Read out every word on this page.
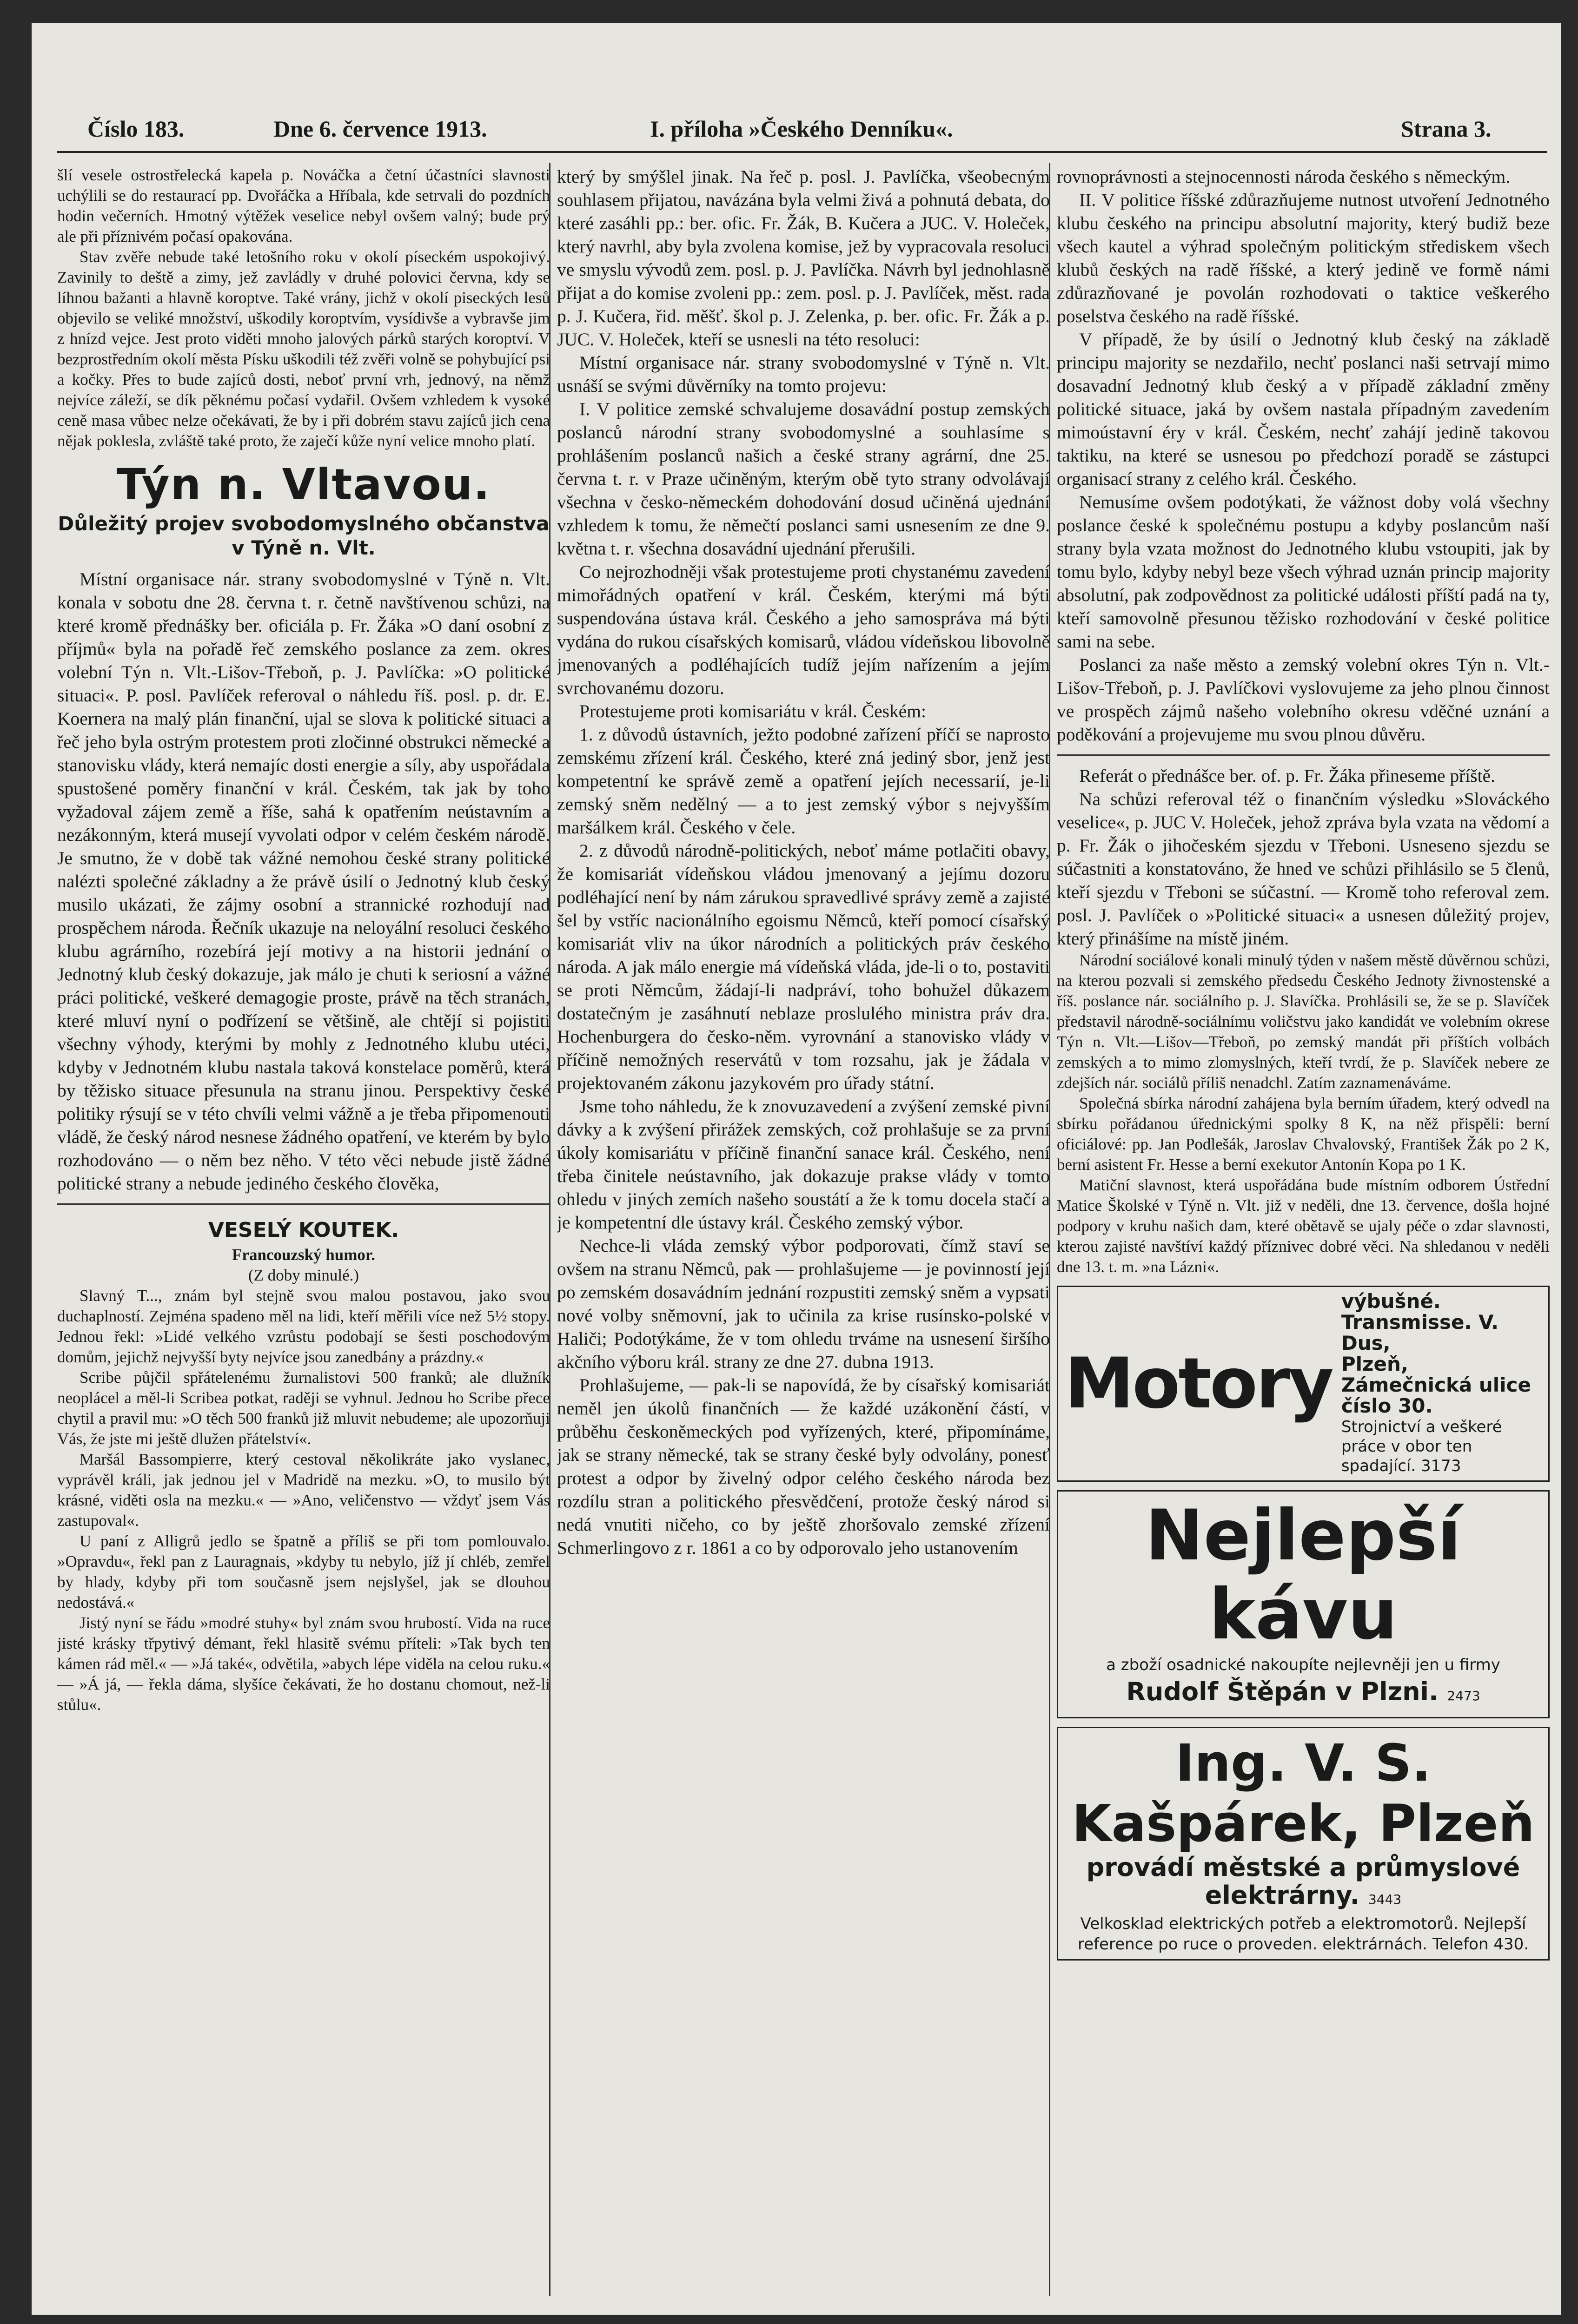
Číslo 183.	Dne 6. července 1913.	I. příloha »Českého Denníku«.	Strana 3.

šlí vesele ostrostřelecká kapela p. Nováčka a četní účastníci slavnosti uchýlili se do restaurací pp. Dvořáčka a Hříbala, kde setrvali do pozdních hodin večerních. Hmotný výtěžek veselice nebyl ovšem valný; bude prý ale při příznivém počasí opakována.

Stav zvěře nebude také letošního roku v okolí píseckém uspokojivý. Zavinily to deště a zimy, jež zavládly v druhé polovici června, kdy se líhnou bažanti a hlavně koroptve. Také vrány, jichž v okolí piseckých lesů objevilo se veliké množství, uškodily koroptvím, vysídivše a vybravše jim z hnízd vejce. Jest proto viděti mnoho jalových párků starých koroptví. V bezprostředním okolí města Písku uškodili též zvěři volně se pohybující psi a kočky. Přes to bude zajíců dosti, neboť první vrh, jednový, na němž nejvíce záleží, se dík pěknému počasí vydařil. Ovšem vzhledem k vysoké ceně masa vůbec nelze očekávati, že by i při dobrém stavu zajíců jich cena nějak poklesla, zvláště také proto, že zaječí kůže nyní velice mnoho platí.

Týn n. Vltavou.
Důležitý projev svobodomyslného občanstva v Týně n. Vlt.

Místní organisace nár. strany svobodomyslné v Týně n. Vlt. konala v sobotu dne 28. června t. r. četně navštívenou schůzi, na které kromě přednášky ber. oficiála p. Fr. Žáka »O daní osobní z příjmů« byla na pořadě řeč zemského poslance za zem. okres volební Týn n. Vlt.-Lišov-Třeboň, p. J. Pavlíčka: »O politické situaci«. P. posl. Pavlíček referoval o náhledu říš. posl. p. dr. E. Koernera na malý plán finanční, ujal se slova k politické situaci a řeč jeho byla ostrým protestem proti zločinné obstrukci německé a stanovisku vlády, která nemajíc dosti energie a síly, aby uspořádala spustošené poměry finanční v král. Českém, tak jak by toho vyžadoval zájem země a říše, sahá k opatřením neústavním a nezákonným, která musejí vyvolati odpor v celém českém národě. Je smutno, že v době tak vážné nemohou české strany politické nalézti společné základny a že právě úsilí o Jednotný klub český musilo ukázati, že zájmy osobní a strannické rozhodují nad prospěchem národa. Řečník ukazuje na neloyální resoluci českého klubu agrárního, rozebírá její motivy a na historii jednání o Jednotný klub český dokazuje, jak málo je chuti k seriosní a vážné práci politické, veškeré demagogie proste, právě na těch stranách, které mluví nyní o podřízení se většině, ale chtějí si pojistiti všechny výhody, kterými by mohly z Jednotného klubu utéci, kdyby v Jednotném klubu nastala taková konstelace poměrů, která by těžisko situace přesunula na stranu jinou. Perspektivy české politiky rýsují se v této chvíli velmi vážně a je třeba připomenouti vládě, že český národ nesnese žádného opatření, ve kterém by bylo rozhodováno — o něm bez něho. V této věci nebude jistě žádné politické strany a nebude jediného českého člověka,

VESELÝ KOUTEK.
Francouzský humor.
(Z doby minulé.)

Slavný T..., znám byl stejně svou malou postavou, jako svou duchaplností. Zejména spadeno měl na lidi, kteří měřili více než 5½ stopy. Jednou řekl: »Lidé velkého vzrůstu podobají se šesti poschodovým domům, jejichž nejvyšší byty nejvíce jsou zanedbány a prázdny.«

Scribe půjčil spřátelenému žurnalistovi 500 franků; ale dlužník neoplácel a měl-li Scribea potkat, raději se vyhnul. Jednou ho Scribe přece chytil a pravil mu: »O těch 500 franků již mluvit nebudeme; ale upozorňuji Vás, že jste mi ještě dlužen přátelství«.

Maršál Bassompierre, který cestoval několikráte jako vyslanec, vyprávěl králi, jak jednou jel v Madridě na mezku. »O, to musilo být krásné, viděti osla na mezku.« — »Ano, veličenstvo — vždyť jsem Vás zastupoval«.

U paní z Alligrů jedlo se špatně a příliš se při tom pomlouvalo. »Opravdu«, řekl pan z Lauragnais, »kdyby tu nebylo, jíž jí chléb, zemřel by hlady, kdyby při tom současně jsem nejslyšel, jak se dlouhou nedostává.«

Jistý nyní se řádu »modré stuhy« byl znám svou hrubostí. Vida na ruce jisté krásky třpytivý démant, řekl hlasitě svému příteli: »Tak bych ten kámen rád měl.« — »Já také«, odvětila, »abych lépe viděla na celou ruku.« — »Á já, — řekla dáma, slyšíce čekávati, že ho dostanu chomout, než-li stůlu«.

který by smýšlel jinak. Na řeč p. posl. J. Pavlíčka, všeobecným souhlasem přijatou, navázána byla velmi živá a pohnutá debata, do které zasáhli pp.: ber. ofic. Fr. Žák, B. Kučera a JUC. V. Holeček, který navrhl, aby byla zvolena komise, jež by vypracovala resoluci ve smyslu vývodů zem. posl. p. J. Pavlíčka. Návrh byl jednohlasně přijat a do komise zvoleni pp.: zem. posl. p. J. Pavlíček, měst. rada p. J. Kučera, řid. měšť. škol p. J. Zelenka, p. ber. ofic. Fr. Žák a p. JUC. V. Holeček, kteří se usnesli na této resoluci:

Místní organisace nár. strany svobodomyslné v Týně n. Vlt. usnáší se svými důvěrníky na tomto projevu:

I. V politice zemské schvalujeme dosavádní postup zemských poslanců národní strany svobodomyslné a souhlasíme s prohlášením poslanců našich a české strany agrární, dne 25. června t. r. v Praze učiněným, kterým obě tyto strany odvolávají všechna v česko-německém dohodování dosud učiněná ujednání vzhledem k tomu, že němečtí poslanci sami usnesením ze dne 9. května t. r. všechna dosavádní ujednání přerušili.

Co nejrozhodněji však protestujeme proti chystanému zavedení mimořádných opatření v král. Českém, kterými má býti suspendována ústava král. Českého a jeho samospráva má býti vydána do rukou císařských komisarů, vládou vídeňskou libovolně jmenovaných a podléhajících tudíž jejím nařízením a jejím svrchovanému dozoru.

Protestujeme proti komisariátu v král. Českém:

1. z důvodů ústavních, ježto podobné zařízení příčí se naprosto zemskému zřízení král. Českého, které zná jediný sbor, jenž jest kompetentní ke správě země a opatření jejích necessarií, je-li zemský sněm nedělný — a to jest zemský výbor s nejvyšším maršálkem král. Českého v čele.

2. z důvodů národně-politických, neboť máme potlačiti obavy, že komisariát vídeňskou vládou jmenovaný a jejímu dozoru podléhající není by nám zárukou spravedlivé správy země a zajisté šel by vstříc nacionálního egoismu Němců, kteří pomocí císařský komisariát vliv na úkor národních a politických práv českého národa. A jak málo energie má vídeňská vláda, jde-li o to, postaviti se proti Němcům, žádají-li nadpráví, toho bohužel důkazem dostatečným je zasáhnutí neblaze proslulého ministra práv dra. Hochenburgera do česko-něm. vyrovnání a stanovisko vlády v příčině nemožných reservátů v tom rozsahu, jak je žádala v projektovaném zákonu jazykovém pro úřady státní.

Jsme toho náhledu, že k znovuzavedení a zvýšení zemské pivní dávky a k zvýšení přirážek zemských, což prohlašuje se za první úkoly komisariátu v příčině finanční sanace král. Českého, není třeba činitele neústavního, jak dokazuje prakse vlády v tomto ohledu v jiných zemích našeho soustátí a že k tomu docela stačí a je kompetentní dle ústavy král. Českého zemský výbor.

Nechce-li vláda zemský výbor podporovati, čímž staví se ovšem na stranu Němců, pak — prohlašujeme — je povinností její po zemském dosavádním jednání rozpustiti zemský sněm a vypsati nové volby sněmovní, jak to učinila za krise rusínsko-polské v Haliči; Podotýkáme, že v tom ohledu trváme na usnesení širšího akčního výboru král. strany ze dne 27. dubna 1913.

Prohlašujeme, — pak-li se napovídá, že by císařský komisariát neměl jen úkolů finančních — že každé uzákonění částí, v průběhu českoněmeckých pod vyřízených, které, připomínáme, jak se strany německé, tak se strany české byly odvolány, ponesť protest a odpor by živelný odpor celého českého národa bez rozdílu stran a politického přesvědčení, protože český národ si nedá vnutiti ničeho, co by ještě zhoršovalo zemské zřízení Schmerlingovo z r. 1861 a co by odporovalo jeho ustanovením

rovnoprávnosti a stejnocennosti národa českého s německým.

II. V politice říšské zdůrazňujeme nutnost utvoření Jednotného klubu českého na principu absolutní majority, který budiž beze všech kautel a výhrad společným politickým střediskem všech klubů českých na radě říšské, a který jedině ve formě námi zdůrazňované je povolán rozhodovati o taktice veškerého poselstva českého na radě říšské.

V případě, že by úsilí o Jednotný klub český na základě principu majority se nezdařilo, nechť poslanci naši setrvají mimo dosavadní Jednotný klub český a v případě základní změny politické situace, jaká by ovšem nastala případným zavedením mimoústavní éry v král. Českém, nechť zahájí jedině takovou taktiku, na které se usnesou po předchozí poradě se zástupci organisací strany z celého král. Českého.

Nemusíme ovšem podotýkati, že vážnost doby volá všechny poslance české k společnému postupu a kdyby poslancům naší strany byla vzata možnost do Jednotného klubu vstoupiti, jak by tomu bylo, kdyby nebyl beze všech výhrad uznán princip majority absolutní, pak zodpovědnost za politické události příští padá na ty, kteří samovolně přesunou těžisko rozhodování v české politice sami na sebe.

Poslanci za naše město a zemský volební okres Týn n. Vlt.-Lišov-Třeboň, p. J. Pavlíčkovi vyslovujeme za jeho plnou činnost ve prospěch zájmů našeho volebního okresu vděčné uznání a poděkování a projevujeme mu svou plnou důvěru.

Referát o přednášce ber. of. p. Fr. Žáka přineseme příště.

Na schůzi referoval též o finančním výsledku »Slováckého veselice«, p. JUC V. Holeček, jehož zpráva byla vzata na vědomí a p. Fr. Žák o jihočeském sjezdu v Třeboni. Usneseno sjezdu se súčastniti a konstatováno, že hned ve schůzi přihlásilo se 5 členů, kteří sjezdu v Třeboni se súčastní. — Kromě toho referoval zem. posl. J. Pavlíček o »Politické situaci« a usnesen důležitý projev, který přinášíme na místě jiném.

Národní sociálové konali minulý týden v našem městě důvěrnou schůzi, na kterou pozvali si zemského předsedu Českého Jednoty živnostenské a říš. poslance nár. sociálního p. J. Slavíčka. Prohlásili se, že se p. Slavíček představil národně-sociálnímu voličstvu jako kandidát ve volebním okrese Týn n. Vlt.—Lišov—Třeboň, po zemský mandát při příštích volbách zemských a to mimo zlomyslných, kteří tvrdí, že p. Slavíček nebere ze zdejších nár. sociálů příliš nenadchl. Zatím zaznamenáváme.

Společná sbírka národní zahájena byla berním úřadem, který odvedl na sbírku pořádanou úřednickými spolky 8 K, na něž přispěli: berní oficiálové: pp. Jan Podlešák, Jaroslav Chvalovský, František Žák po 2 K, berní asistent Fr. Hesse a berní exekutor Antonín Kopa po 1 K.

Matiční slavnost, která uspořádána bude místním odborem Ústřední Matice Školské v Týně n. Vlt. již v neděli, dne 13. července, došla hojné podpory v kruhu našich dam, které obětavě se ujaly péče o zdar slavnosti, kterou zajisté navštíví každý příznivec dobré věci. Na shledanou v neděli dne 13. t. m. »na Lázni«.

Motory
výbušné. Transmisse. V. Dus,
Plzeň, Zámečnická ulice číslo 30.
Strojnictví a veškeré práce v obor ten spadající. 3173
Nejlepší kávu
a zboží osadnické nakoupíte nejlevněji jen u firmy
Rudolf Štěpán v Plzni. 2473
Ing. V. S. Kašpárek, Plzeň
provádí městské a průmyslové
elektrárny. 3443
Velkosklad elektrických potřeb a elektromotorů. Nejlepší reference po ruce o proveden. elektrárnách. Telefon 430.
